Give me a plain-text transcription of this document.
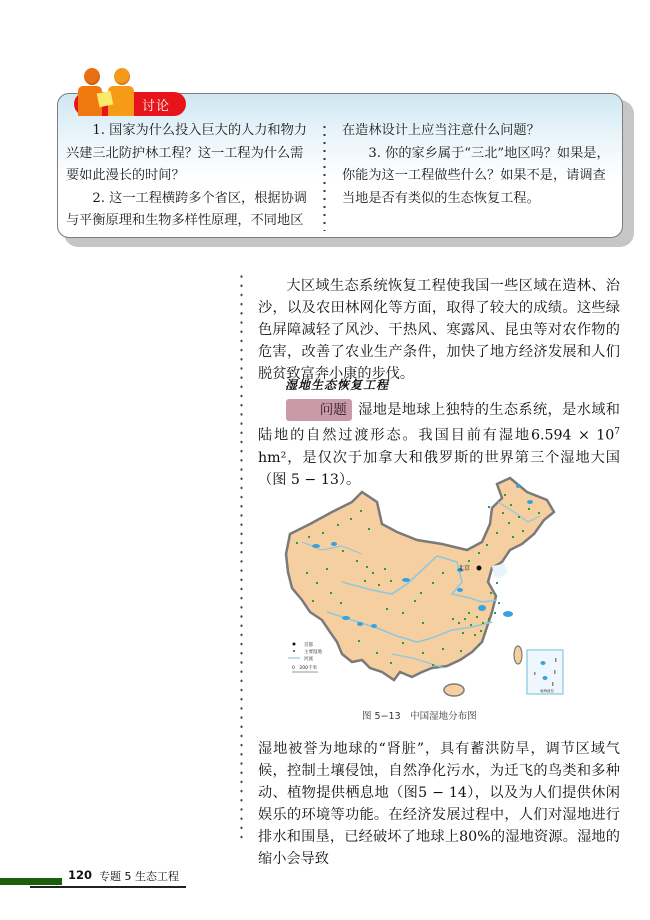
讨论

1. 国家为什么投入巨大的人力和物力兴建三北防护林工程？这一工程为什么需要如此漫长的时间？

2. 这一工程横跨多个省区，根据协调与平衡原理和生物多样性原理，不同地区

在造林设计上应当注意什么问题？

3. 你的家乡属于“三北”地区吗？如果是，你能为这一工程做些什么？如果不是，请调查当地是否有类似的生态恢复工程。

大区域生态系统恢复工程使我国一些区域在造林、治沙，以及农田林网化等方面，取得了较大的成绩。这些绿色屏障减轻了风沙、干热风、寒露风、昆虫等对农作物的危害，改善了农业生产条件，加快了地方经济发展和人们脱贫致富奔小康的步伐。

湿地生态恢复工程

问题 湿地是地球上独特的生态系统，是水域和陆地的自然过渡形态。我国目前有湿地$6.594 \times 10^7$ hm²，是仅次于加拿大和俄罗斯的世界第三个湿地大国（图 5 − 13）。

北京
首都
主要湿地
河流
0　200千米
南海诸岛
图 5−13　中国湿地分布图

湿地被誉为地球的“肾脏”，具有蓄洪防旱，调节区域气候，控制土壤侵蚀，自然净化污水，为迁飞的鸟类和多种动、植物提供栖息地（图5 − 14），以及为人们提供休闲娱乐的环境等功能。在经济发展过程中，人们对湿地进行排水和围垦，已经破坏了地球上80%的湿地资源。湿地的缩小会导致

120 专题 5 生态工程
